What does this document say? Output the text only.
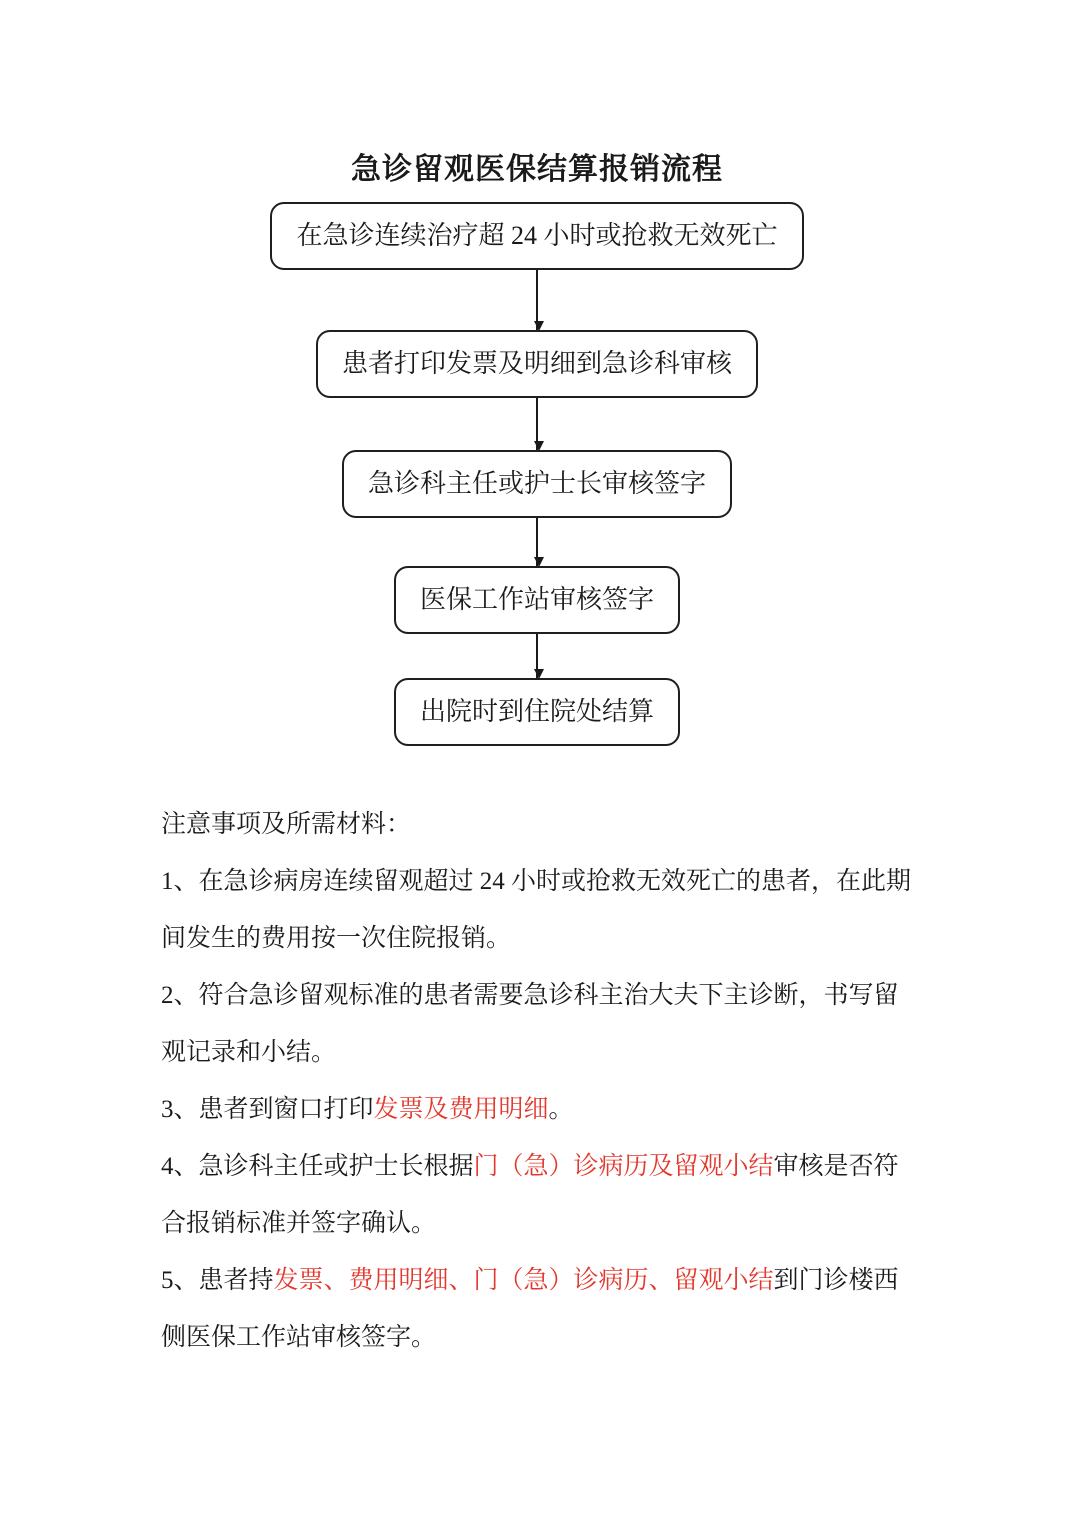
急诊留观医保结算报销流程
在急诊连续治疗超 24 小时或抢救无效死亡
患者打印发票及明细到急诊科审核
急诊科主任或护士长审核签字
医保工作站审核签字
出院时到住院处结算
注意事项及所需材料：
1、在急诊病房连续留观超过 24 小时或抢救无效死亡的患者，在此期
间发生的费用按一次住院报销。
2、符合急诊留观标准的患者需要急诊科主治大夫下主诊断，书写留
观记录和小结。
3、患者到窗口打印发票及费用明细。
4、急诊科主任或护士长根据门（急）诊病历及留观小结审核是否符
合报销标准并签字确认。
5、患者持发票、费用明细、门（急）诊病历、留观小结到门诊楼西
侧医保工作站审核签字。
